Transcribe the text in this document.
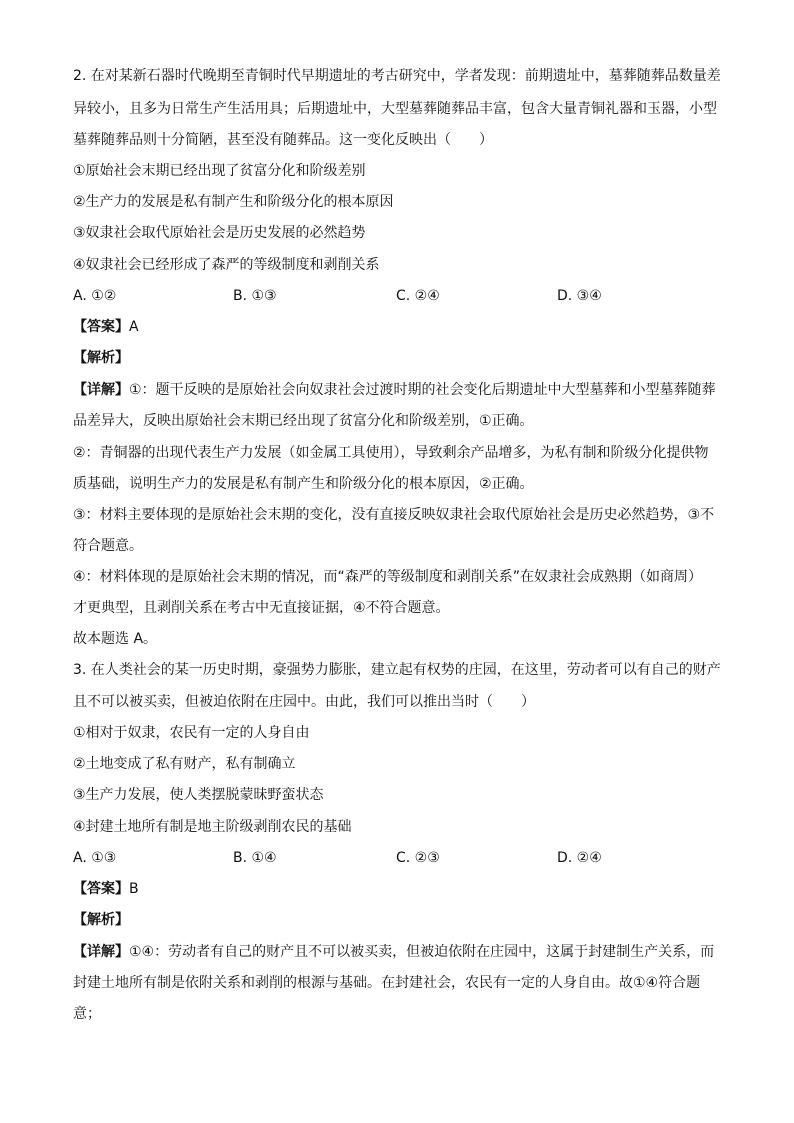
2. 在对某新石器时代晚期至青铜时代早期遗址的考古研究中，学者发现：前期遗址中，墓葬随葬品数量差
异较小，且多为日常生产生活用具；后期遗址中，大型墓葬随葬品丰富，包含大量青铜礼器和玉器，小型
墓葬随葬品则十分简陋，甚至没有随葬品。这一变化反映出（　　）
①原始社会末期已经出现了贫富分化和阶级差别
②生产力的发展是私有制产生和阶级分化的根本原因
③奴隶社会取代原始社会是历史发展的必然趋势
④奴隶社会已经形成了森严的等级制度和剥削关系
A. ①②	B. ①③	C. ②④	D. ③④
【答案】A
【解析】
【详解】①：题干反映的是原始社会向奴隶社会过渡时期的社会变化后期遗址中大型墓葬和小型墓葬随葬
品差异大，反映出原始社会末期已经出现了贫富分化和阶级差别，①正确。
②：青铜器的出现代表生产力发展（如金属工具使用），导致剩余产品增多，为私有制和阶级分化提供物
质基础，说明生产力的发展是私有制产生和阶级分化的根本原因，②正确。
③：材料主要体现的是原始社会末期的变化，没有直接反映奴隶社会取代原始社会是历史必然趋势，③不
符合题意。
④：材料体现的是原始社会末期的情况，而“森严的等级制度和剥削关系”在奴隶社会成熟期（如商周）
才更典型，且剥削关系在考古中无直接证据，④不符合题意。
故本题选 A。
3. 在人类社会的某一历史时期，豪强势力膨胀，建立起有权势的庄园，在这里，劳动者可以有自己的财产
且不可以被买卖，但被迫依附在庄园中。由此，我们可以推出当时（　　）
①相对于奴隶，农民有一定的人身自由
②土地变成了私有财产，私有制确立
③生产力发展，使人类摆脱蒙昧野蛮状态
④封建土地所有制是地主阶级剥削农民的基础
A. ①③	B. ①④	C. ②③	D. ②④
【答案】B
【解析】
【详解】①④：劳动者有自己的财产且不可以被买卖，但被迫依附在庄园中，这属于封建制生产关系，而
封建土地所有制是依附关系和剥削的根源与基础。在封建社会，农民有一定的人身自由。故①④符合题
意；
